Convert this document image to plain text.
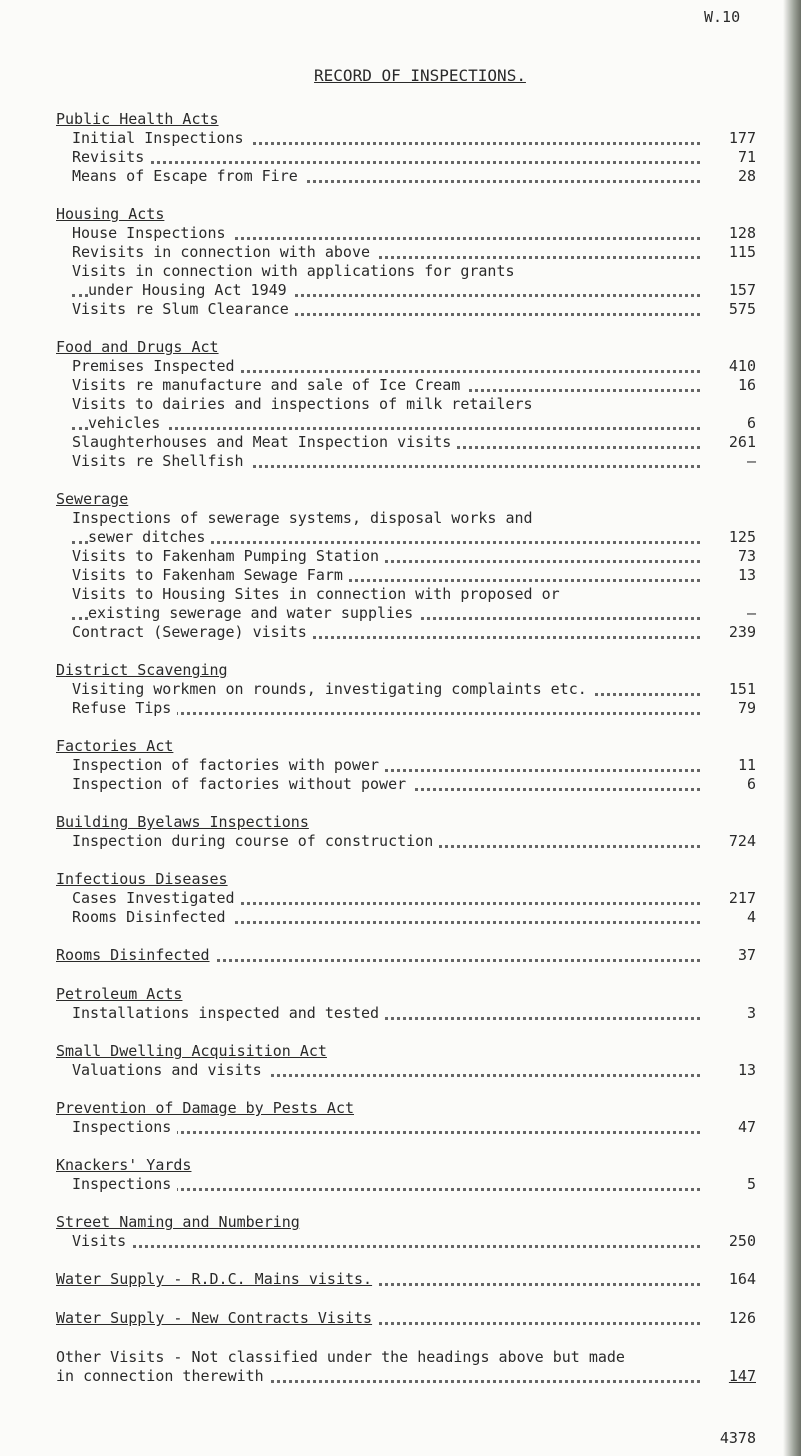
W.10
RECORD OF INSPECTIONS.
Public Health Acts
Initial Inspections	177
Revisits	71
Means of Escape from Fire	28
Housing Acts
House Inspections	128
Revisits in connection with above	115
Visits in connection with applications for grants
under Housing Act 1949	157
Visits re Slum Clearance	575
Food and Drugs Act
Premises Inspected	410
Visits re manufacture and sale of Ice Cream	16
Visits to dairies and inspections of milk retailers
vehicles	6
Slaughterhouses and Meat Inspection visits	261
Visits re Shellfish	–
Sewerage
Inspections of sewerage systems, disposal works and
sewer ditches	125
Visits to Fakenham Pumping Station	73
Visits to Fakenham Sewage Farm	13
Visits to Housing Sites in connection with proposed or
existing sewerage and water supplies	–
Contract (Sewerage) visits	239
District Scavenging
Visiting workmen on rounds, investigating complaints etc.	151
Refuse Tips	79
Factories Act
Inspection of factories with power	11
Inspection of factories without power	6
Building Byelaws Inspections
Inspection during course of construction	724
Infectious Diseases
Cases Investigated	217
Rooms Disinfected	4
Rooms Disinfected	37
Petroleum Acts
Installations inspected and tested	3
Small Dwelling Acquisition Act
Valuations and visits	13
Prevention of Damage by Pests Act
Inspections	47
Knackers' Yards
Inspections	5
Street Naming and Numbering
Visits	250
Water Supply - R.D.C. Mains visits.	164
Water Supply - New Contracts Visits	126
Other Visits - Not classified under the headings above but made
in connection therewith	147
4378
